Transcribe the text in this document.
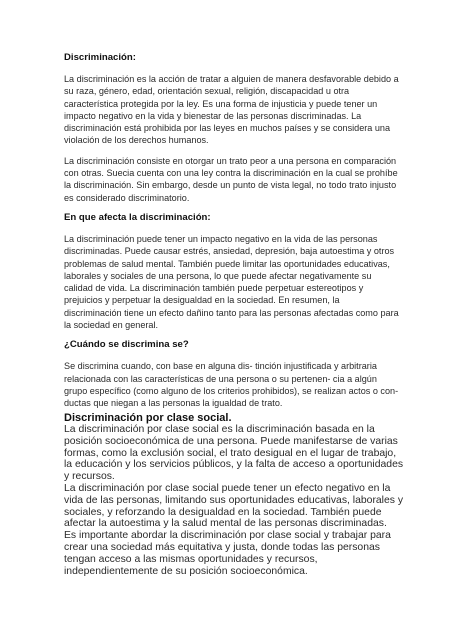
Discriminación:

La discriminación es la acción de tratar a alguien de manera desfavorable debido a
su raza, género, edad, orientación sexual, religión, discapacidad u otra
característica protegida por la ley. Es una forma de injusticia y puede tener un
impacto negativo en la vida y bienestar de las personas discriminadas. La
discriminación está prohibida por las leyes en muchos países y se considera una
violación de los derechos humanos.

La discriminación consiste en otorgar un trato peor a una persona en comparación
con otras. Suecia cuenta con una ley contra la discriminación en la cual se prohíbe
la discriminación. Sin embargo, desde un punto de vista legal, no todo trato injusto
es considerado discriminatorio.

En que afecta la discriminación:

La discriminación puede tener un impacto negativo en la vida de las personas
discriminadas. Puede causar estrés, ansiedad, depresión, baja autoestima y otros
problemas de salud mental. También puede limitar las oportunidades educativas,
laborales y sociales de una persona, lo que puede afectar negativamente su
calidad de vida. La discriminación también puede perpetuar estereotipos y
prejuicios y perpetuar la desigualdad en la sociedad. En resumen, la
discriminación tiene un efecto dañino tanto para las personas afectadas como para
la sociedad en general.

¿Cuándo se discrimina se?

Se discrimina cuando, con base en alguna dis- tinción injustificada y arbitraria
relacionada con las características de una persona o su pertenen- cia a algún
grupo específico (como alguno de los criterios prohibidos), se realizan actos o con-
ductas que niegan a las personas la igualdad de trato.

Discriminación por clase social.

La discriminación por clase social es la discriminación basada en la
posición socioeconómica de una persona. Puede manifestarse de varias
formas, como la exclusión social, el trato desigual en el lugar de trabajo,
la educación y los servicios públicos, y la falta de acceso a oportunidades
y recursos.

La discriminación por clase social puede tener un efecto negativo en la
vida de las personas, limitando sus oportunidades educativas, laborales y
sociales, y reforzando la desigualdad en la sociedad. También puede
afectar la autoestima y la salud mental de las personas discriminadas.
Es importante abordar la discriminación por clase social y trabajar para
crear una sociedad más equitativa y justa, donde todas las personas
tengan acceso a las mismas oportunidades y recursos,
independientemente de su posición socioeconómica.
